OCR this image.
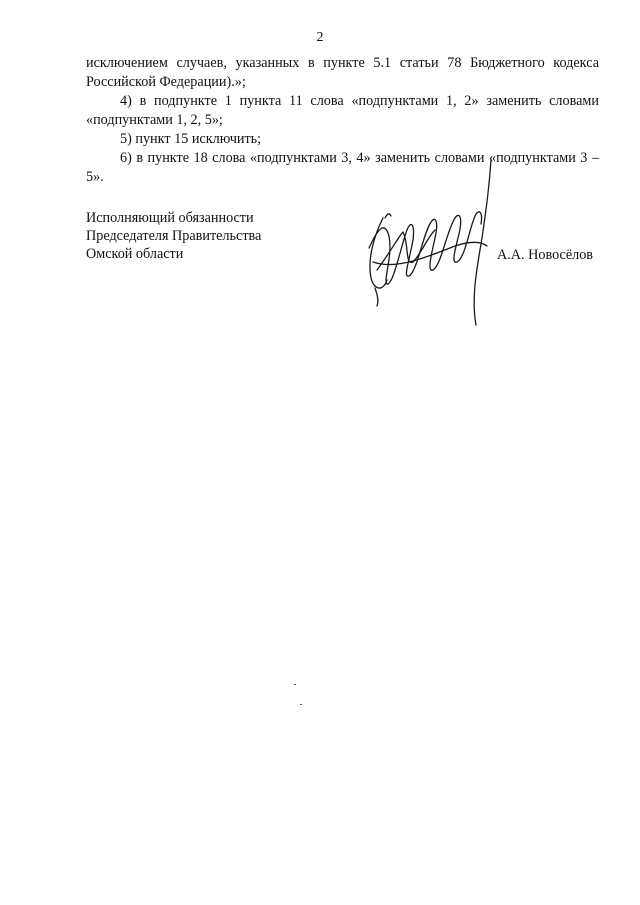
2

исключением случаев, указанных в пункте 5.1 статьи 78 Бюджетного кодекса Российской Федерации).»;

4) в подпункте 1 пункта 11 слова «подпунктами 1, 2» заменить словами «подпунктами 1, 2, 5»;

5) пункт 15 исключить;

6) в пункте 18 слова «подпунктами 3, 4» заменить словами «подпунктами 3 – 5».

Исполняющий обязанности
Председателя Правительства
Омской области	А.А. Новосёлов
